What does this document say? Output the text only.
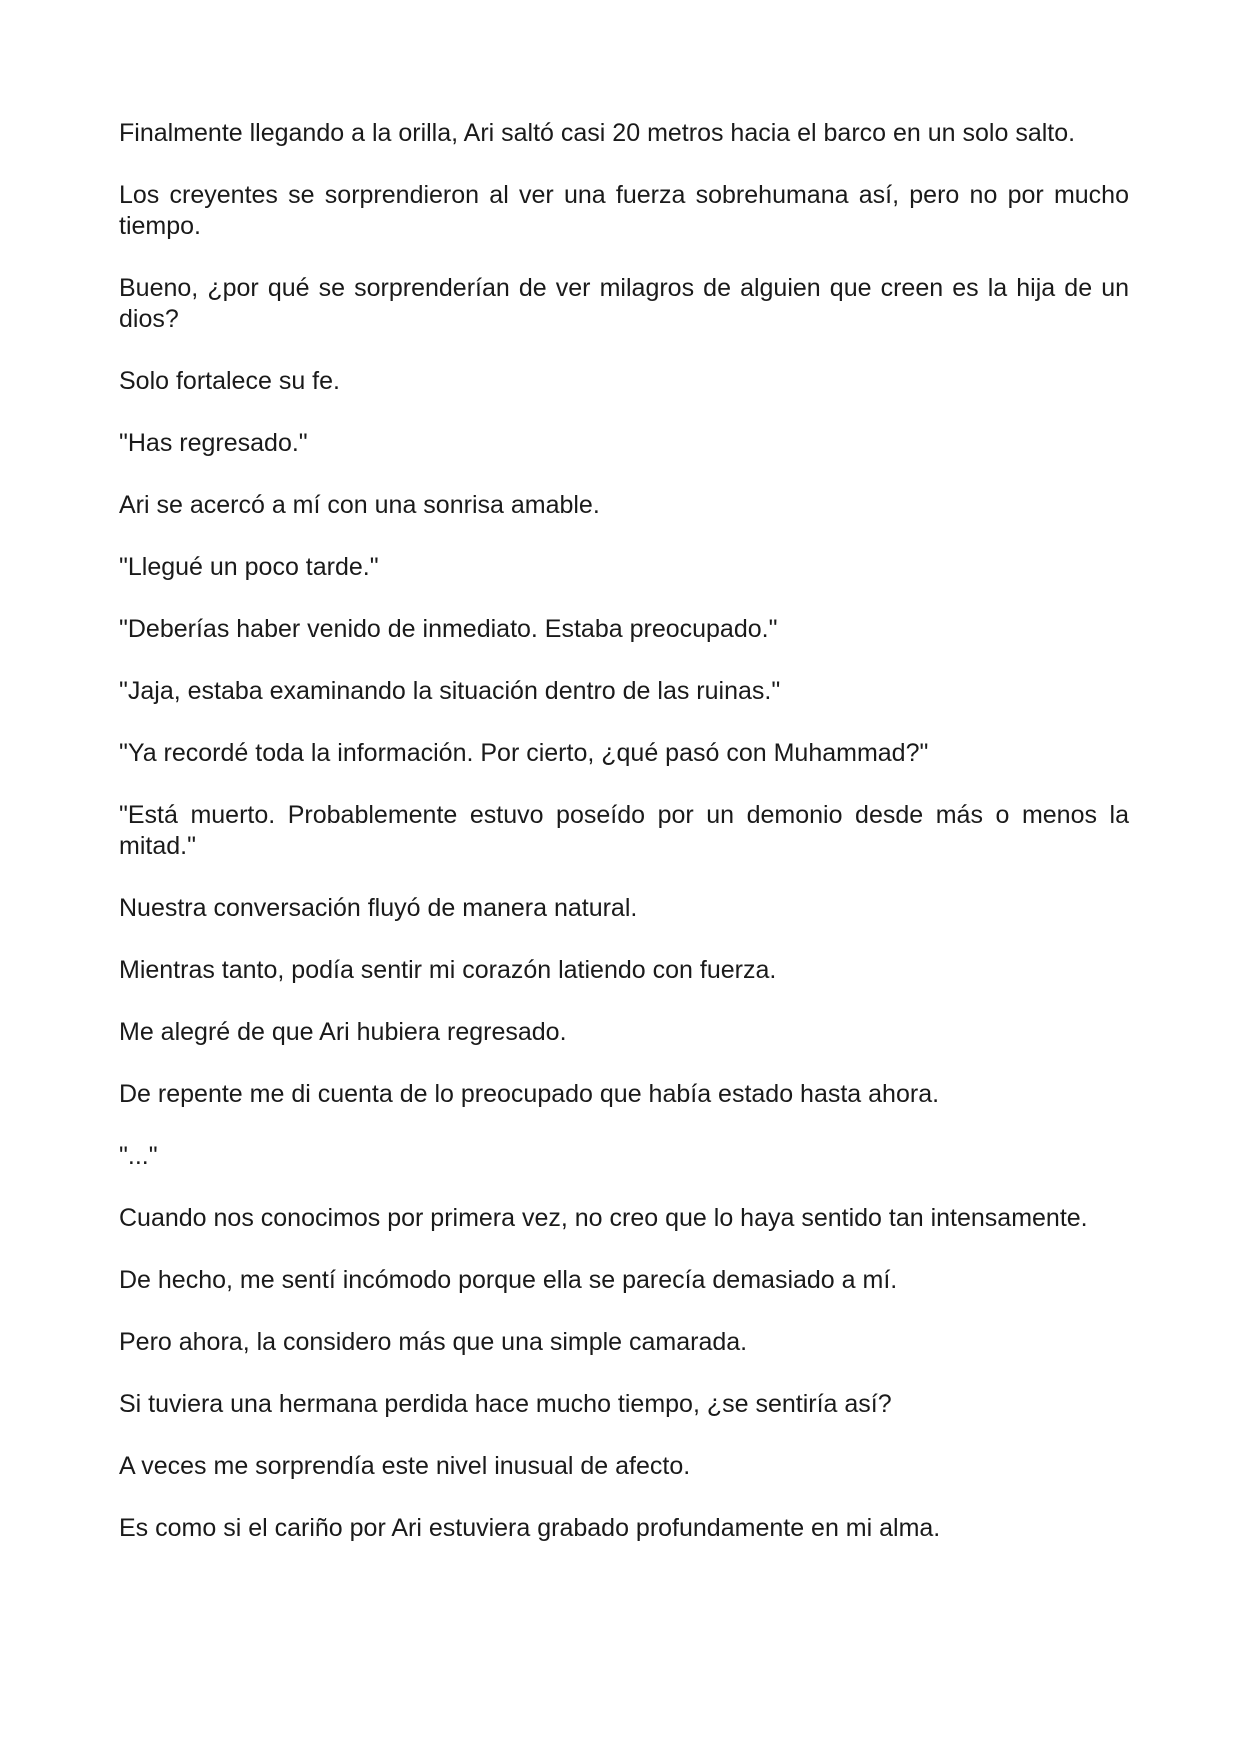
Finalmente llegando a la orilla, Ari saltó casi 20 metros hacia el barco en un solo salto.

Los creyentes se sorprendieron al ver una fuerza sobrehumana así, pero no por mucho tiempo.

Bueno, ¿por qué se sorprenderían de ver milagros de alguien que creen es la hija de un dios?

Solo fortalece su fe.

"Has regresado."

Ari se acercó a mí con una sonrisa amable.

"Llegué un poco tarde."

"Deberías haber venido de inmediato. Estaba preocupado."

"Jaja, estaba examinando la situación dentro de las ruinas."

"Ya recordé toda la información. Por cierto, ¿qué pasó con Muhammad?"

"Está muerto. Probablemente estuvo poseído por un demonio desde más o menos la mitad."

Nuestra conversación fluyó de manera natural.

Mientras tanto, podía sentir mi corazón latiendo con fuerza.

Me alegré de que Ari hubiera regresado.

De repente me di cuenta de lo preocupado que había estado hasta ahora.

"..."

Cuando nos conocimos por primera vez, no creo que lo haya sentido tan intensamente.

De hecho, me sentí incómodo porque ella se parecía demasiado a mí.

Pero ahora, la considero más que una simple camarada.

Si tuviera una hermana perdida hace mucho tiempo, ¿se sentiría así?

A veces me sorprendía este nivel inusual de afecto.

Es como si el cariño por Ari estuviera grabado profundamente en mi alma.
